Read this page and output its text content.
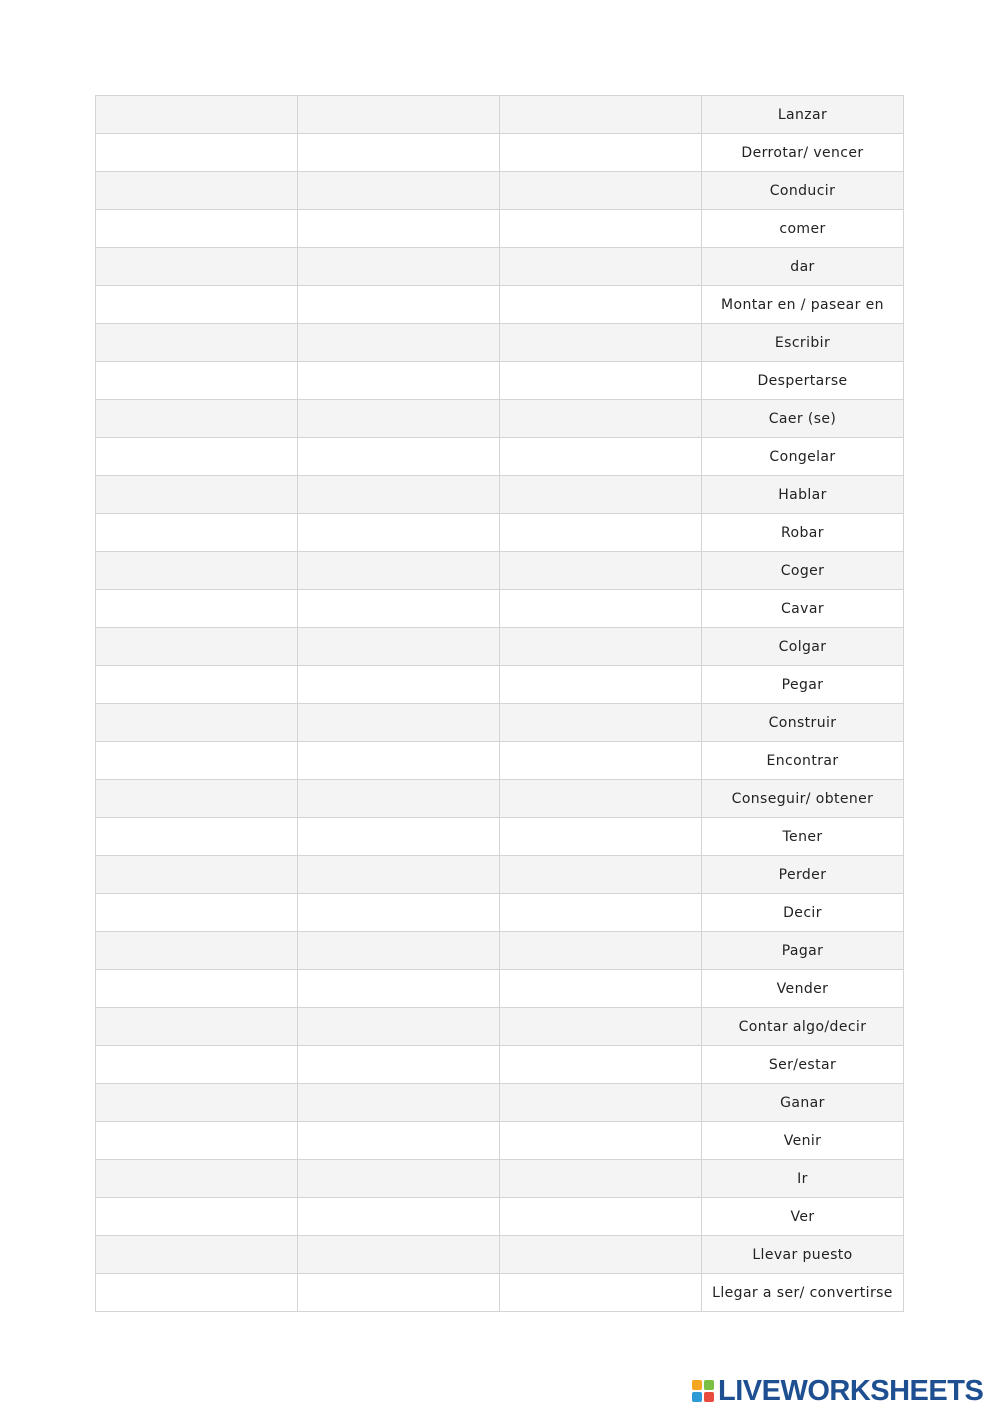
			Lanzar
			Derrotar/ vencer
			Conducir
			comer
			dar
			Montar en / pasear en
			Escribir
			Despertarse
			Caer (se)
			Congelar
			Hablar
			Robar
			Coger
			Cavar
			Colgar
			Pegar
			Construir
			Encontrar
			Conseguir/ obtener
			Tener
			Perder
			Decir
			Pagar
			Vender
			Contar algo/decir
			Ser/estar
			Ganar
			Venir
			Ir
			Ver
			Llevar puesto
			Llegar a ser/ convertirse
LIVEWORKSHEETS
